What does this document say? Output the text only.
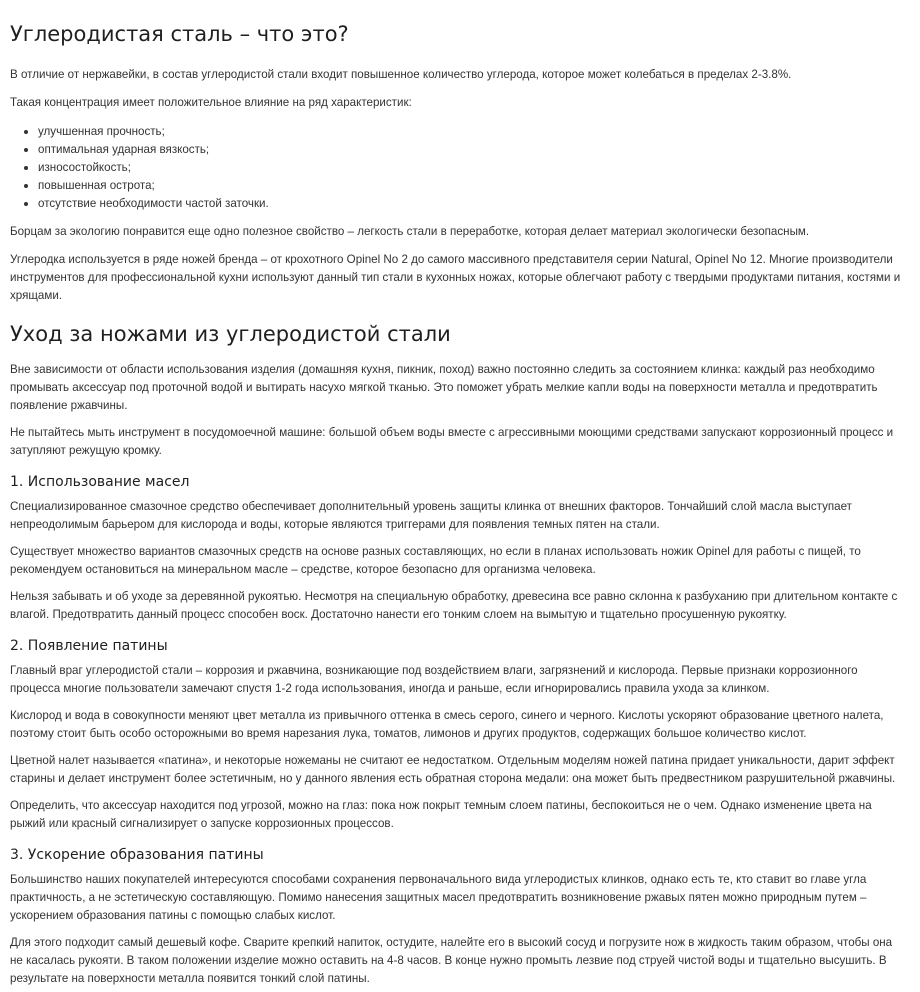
Углеродистая сталь – что это?

В отличие от нержавейки, в состав углеродистой стали входит повышенное количество углерода, которое может колебаться в пределах 2-3.8%.

Такая концентрация имеет положительное влияние на ряд характеристик:

улучшенная прочность;
оптимальная ударная вязкость;
износостойкость;
повышенная острота;
отсутствие необходимости частой заточки.

Борцам за экологию понравится еще одно полезное свойство – легкость стали в переработке, которая делает материал экологически безопасным.

Углеродка используется в ряде ножей бренда – от крохотного Opinel No 2 до самого массивного представителя серии Natural, Opinel No 12. Многие производители инструментов для профессиональной кухни используют данный тип стали в кухонных ножах, которые облегчают работу с твердыми продуктами питания, костями и хрящами.

Уход за ножами из углеродистой стали

Вне зависимости от области использования изделия (домашняя кухня, пикник, поход) важно постоянно следить за состоянием клинка: каждый раз необходимо промывать аксессуар под проточной водой и вытирать насухо мягкой тканью. Это поможет убрать мелкие капли воды на поверхности металла и предотвратить появление ржавчины.

Не пытайтесь мыть инструмент в посудомоечной машине: большой объем воды вместе с агрессивными моющими средствами запускают коррозионный процесс и затупляют режущую кромку.

1. Использование масел

Специализированное смазочное средство обеспечивает дополнительный уровень защиты клинка от внешних факторов. Тончайший слой масла выступает непреодолимым барьером для кислорода и воды, которые являются триггерами для появления темных пятен на стали.

Существует множество вариантов смазочных средств на основе разных составляющих, но если в планах использовать ножик Opinel для работы с пищей, то рекомендуем остановиться на минеральном масле – средстве, которое безопасно для организма человека.

Нельзя забывать и об уходе за деревянной рукоятью. Несмотря на специальную обработку, древесина все равно склонна к разбуханию при длительном контакте с влагой. Предотвратить данный процесс способен воск. Достаточно нанести его тонким слоем на вымытую и тщательно просушенную рукоятку.

2. Появление патины

Главный враг углеродистой стали – коррозия и ржавчина, возникающие под воздействием влаги, загрязнений и кислорода. Первые признаки коррозионного процесса многие пользователи замечают спустя 1-2 года использования, иногда и раньше, если игнорировались правила ухода за клинком.

Кислород и вода в совокупности меняют цвет металла из привычного оттенка в смесь серого, синего и черного. Кислоты ускоряют образование цветного налета, поэтому стоит быть особо осторожными во время нарезания лука, томатов, лимонов и других продуктов, содержащих большое количество кислот.

Цветной налет называется «патина», и некоторые ножеманы не считают ее недостатком. Отдельным моделям ножей патина придает уникальности, дарит эффект старины и делает инструмент более эстетичным, но у данного явления есть обратная сторона медали: она может быть предвестником разрушительной ржавчины.

Определить, что аксессуар находится под угрозой, можно на глаз: пока нож покрыт темным слоем патины, беспокоиться не о чем. Однако изменение цвета на рыжий или красный сигнализирует о запуске коррозионных процессов.

3. Ускорение образования патины

Большинство наших покупателей интересуются способами сохранения первоначального вида углеродистых клинков, однако есть те, кто ставит во главе угла практичность, а не эстетическую составляющую. Помимо нанесения защитных масел предотвратить возникновение ржавых пятен можно природным путем – ускорением образования патины с помощью слабых кислот.

Для этого подходит самый дешевый кофе. Сварите крепкий напиток, остудите, налейте его в высокий сосуд и погрузите нож в жидкость таким образом, чтобы она не касалась рукояти. В таком положении изделие можно оставить на 4-8 часов. В конце нужно промыть лезвие под струей чистой воды и тщательно высушить. В результате на поверхности металла появится тонкий слой патины.
